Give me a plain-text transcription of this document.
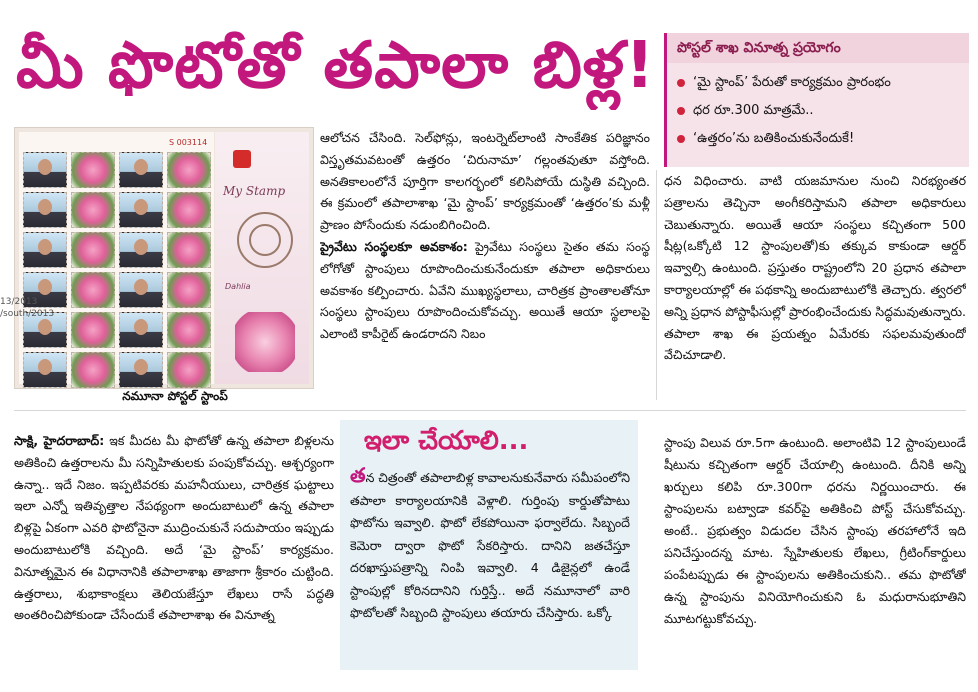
మీ ఫొటోతో తపాలా బిళ్ల!	పోస్టల్ శాఖ వినూత్న ప్రయోగం
‘మై స్టాంప్’ పేరుతో కార్యక్రమం ప్రారంభం
ధర రూ.300 మాత్రమే..
‘ఉత్తరం’ను బతికించుకునేందుకే!
S 003114
My Stamp
Dahlia
13/2013
/south/2013
నమూనా పోస్టల్ స్టాంప్

ఆలోచన చేసింది. సెల్‌ఫోన్లు, ఇంటర్నెట్‌లాంటి సాంకేతిక పరిజ్ఞానం విస్తృతమవటంతో ఉత్తరం ‘చిరునామా’ గల్లంతవుతూ వస్తోంది. అనతికాలంలోనే పూర్తిగా కాలగర్భంలో కలిసిపోయే దుస్థితి వచ్చింది. ఈ క్రమంలో తపాలాశాఖ ‘మై స్టాంప్’ కార్యక్రమంతో ‘ఉత్తరం’కు మళ్లీ ప్రాణం పోసేందుకు నడుంబిగించింది.

ప్రైవేటు సంస్థలకూ అవకాశం: ప్రైవేటు సంస్థలు సైతం తమ సంస్థ లోగోతో స్టాంపులు రూపొందించుకునేందుకూ తపాలా అధికారులు అవకాశం కల్పించారు. ఏవేని ముఖ్యస్థలాలు, చారిత్రక ప్రాంతాలతోనూ సంస్థలు స్టాంపులు రూపొందించుకోవచ్చు. అయితే ఆయా స్థలాలపై ఎలాంటి కాపీరైట్ ఉండరాదని నిబం

ధన విధించారు. వాటి యజమానుల నుంచి నిరభ్యంతర పత్రాలను తెచ్చినా అంగీకరిస్తామని తపాలా అధికారులు చెబుతున్నారు. అయితే ఆయా సంస్థలు కచ్చితంగా 500 షీట్ల(ఒక్కోటి 12 స్టాంపులతో)కు తక్కువ కాకుండా ఆర్డర్ ఇవ్వాల్సి ఉంటుంది. ప్రస్తుతం రాష్ట్రంలోని 20 ప్రధాన తపాలా కార్యాలయాల్లో ఈ పథకాన్ని అందుబాటులోకి తెచ్చారు. త్వరలో అన్ని ప్రధాన పోస్టాఫీసుల్లో ప్రారంభించేందుకు సిద్ధమవుతున్నారు. తపాలా శాఖ ఈ ప్రయత్నం ఏమేరకు సఫలమవుతుందో వేచిచూడాలి.

సాక్షి, హైదరాబాద్: ఇక మీదట మీ ఫొటోతో ఉన్న తపాలా బిళ్లలను అతికించి ఉత్తరాలను మీ సన్నిహితులకు పంపుకోవచ్చు. ఆశ్చర్యంగా ఉన్నా.. ఇదే నిజం. ఇప్పటివరకు మహనీయులు, చారిత్రక ఘట్టాలు ఇలా ఎన్నో ఇతివృత్తాల నేపథ్యంగా అందుబాటులో ఉన్న తపాలా బిళ్లపై ఏకంగా ఎవరి ఫొటోనైనా ముద్రించుకునే సదుపాయం ఇప్పుడు అందుబాటులోకి వచ్చింది. అదే ‘మై స్టాంప్’ కార్యక్రమం. వినూత్నమైన ఈ విధానానికి తపాలాశాఖ తాజాగా శ్రీకారం చుట్టింది. ఉత్తరాలు, శుభాకాంక్షలు తెలియజేస్తూ లేఖలు రాసే పద్ధతి అంతరించిపోకుండా చేసేందుకే తపాలాశాఖ ఈ వినూత్న

ఇలా చేయాలి...

తన చిత్రంతో తపాలాబిళ్ల కావాలనుకునేవారు సమీపంలోని తపాలా కార్యాలయానికి వెళ్లాలి. గుర్తింపు కార్డుతోపాటు ఫొటోను ఇవ్వాలి. ఫొటో లేకపోయినా ఫర్వాలేదు. సిబ్బందే కెమెరా ద్వారా ఫొటో సేకరిస్తారు. దానిని జతచేస్తూ దరఖాస్తుపత్రాన్ని నింపి ఇవ్వాలి. 4 డిజైన్లలో ఉండే స్టాంపుల్లో కోరినదానిని గుర్తిస్తే.. అదే నమూనాలో వారి ఫొటోలతో సిబ్బంది స్టాంపులు తయారు చేసిస్తారు. ఒక్కో

స్టాంపు విలువ రూ.5గా ఉంటుంది. అలాంటివి 12 స్టాంపులుండే షీటును కచ్చితంగా ఆర్డర్ చేయాల్సి ఉంటుంది. దీనికి అన్ని ఖర్చులు కలిపి రూ.300గా ధరను నిర్ణయించారు. ఈ స్టాంపులను బట్వాడా కవర్‌పై అతికించి పోస్ట్ చేసుకోవచ్చు. అంటే.. ప్రభుత్వం విడుదల చేసిన స్టాంపు తరహాలోనే ఇది పనిచేస్తుందన్న మాట. స్నేహితులకు లేఖలు, గ్రీటింగ్‌కార్డులు పంపేటప్పుడు ఈ స్టాంపులను అతికించుకుని.. తమ ఫొటోతో ఉన్న స్టాంపును వినియోగించుకుని ఓ మధురానుభూతిని మూటగట్టుకోవచ్చు.
